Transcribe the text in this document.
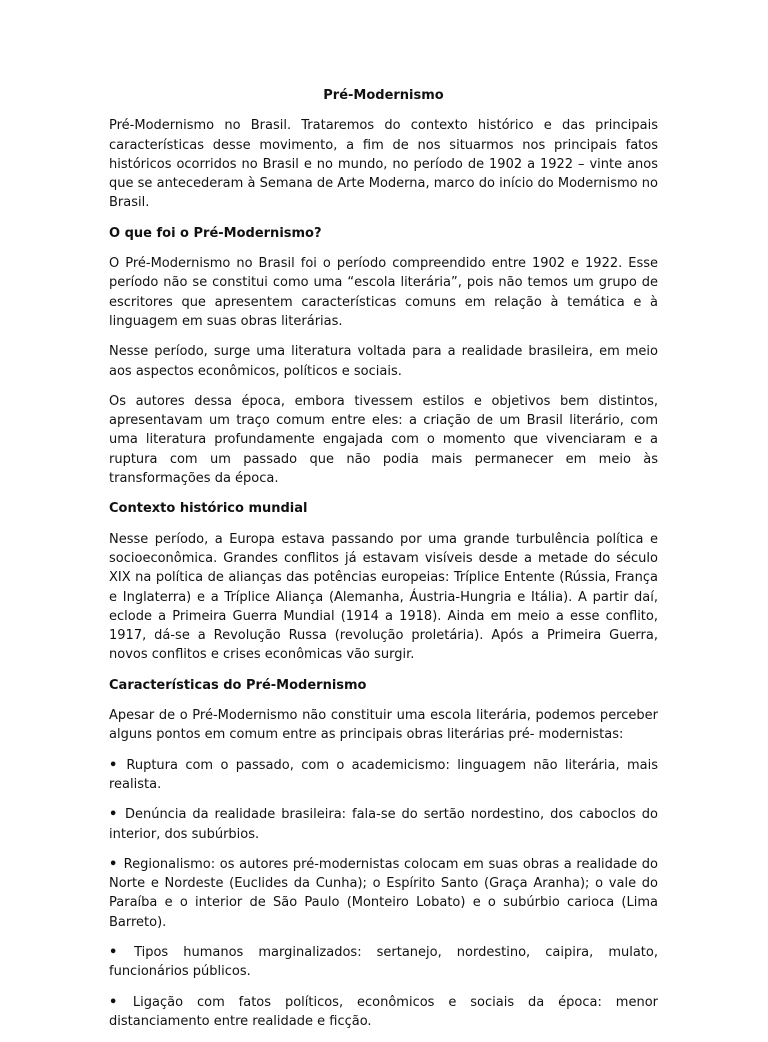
Pré-Modernismo

Pré-Modernismo no Brasil. Trataremos do contexto histórico e das principais características desse movimento, a fim de nos situarmos nos principais fatos históricos ocorridos no Brasil e no mundo, no período de 1902 a 1922 – vinte anos que se antecederam à Semana de Arte Moderna, marco do início do Modernismo no Brasil.

O que foi o Pré-Modernismo?

O Pré-Modernismo no Brasil foi o período compreendido entre 1902 e 1922. Esse período não se constitui como uma “escola literária”, pois não temos um grupo de escritores que apresentem características comuns em relação à temática e à linguagem em suas obras literárias.

Nesse período, surge uma literatura voltada para a realidade brasileira, em meio aos aspectos econômicos, políticos e sociais.

Os autores dessa época, embora tivessem estilos e objetivos bem distintos, apresentavam um traço comum entre eles: a criação de um Brasil literário, com uma literatura profundamente engajada com o momento que vivenciaram e a ruptura com um passado que não podia mais permanecer em meio às transformações da época.

Contexto histórico mundial

Nesse período, a Europa estava passando por uma grande turbulência política e socioeconômica. Grandes conflitos já estavam visíveis desde a metade do século XIX na política de alianças das potências europeias: Tríplice Entente (Rússia, França e Inglaterra) e a Tríplice Aliança (Alemanha, Áustria-Hungria e Itália). A partir daí, eclode a Primeira Guerra Mundial (1914 a 1918). Ainda em meio a esse conflito, 1917, dá-se a Revolução Russa (revolução proletária). Após a Primeira Guerra, novos conflitos e crises econômicas vão surgir.

Características do Pré-Modernismo

Apesar de o Pré-Modernismo não constituir uma escola literária, podemos perceber alguns pontos em comum entre as principais obras literárias pré- modernistas:

• Ruptura com o passado, com o academicismo: linguagem não literária, mais realista.
• Denúncia da realidade brasileira: fala-se do sertão nordestino, dos caboclos do interior, dos subúrbios.
• Regionalismo: os autores pré-modernistas colocam em suas obras a realidade do Norte e Nordeste (Euclides da Cunha); o Espírito Santo (Graça Aranha); o vale do Paraíba e o interior de São Paulo (Monteiro Lobato) e o subúrbio carioca (Lima Barreto).
• Tipos humanos marginalizados: sertanejo, nordestino, caipira, mulato, funcionários públicos.
• Ligação com fatos políticos, econômicos e sociais da época: menor distanciamento entre realidade e ficção.
